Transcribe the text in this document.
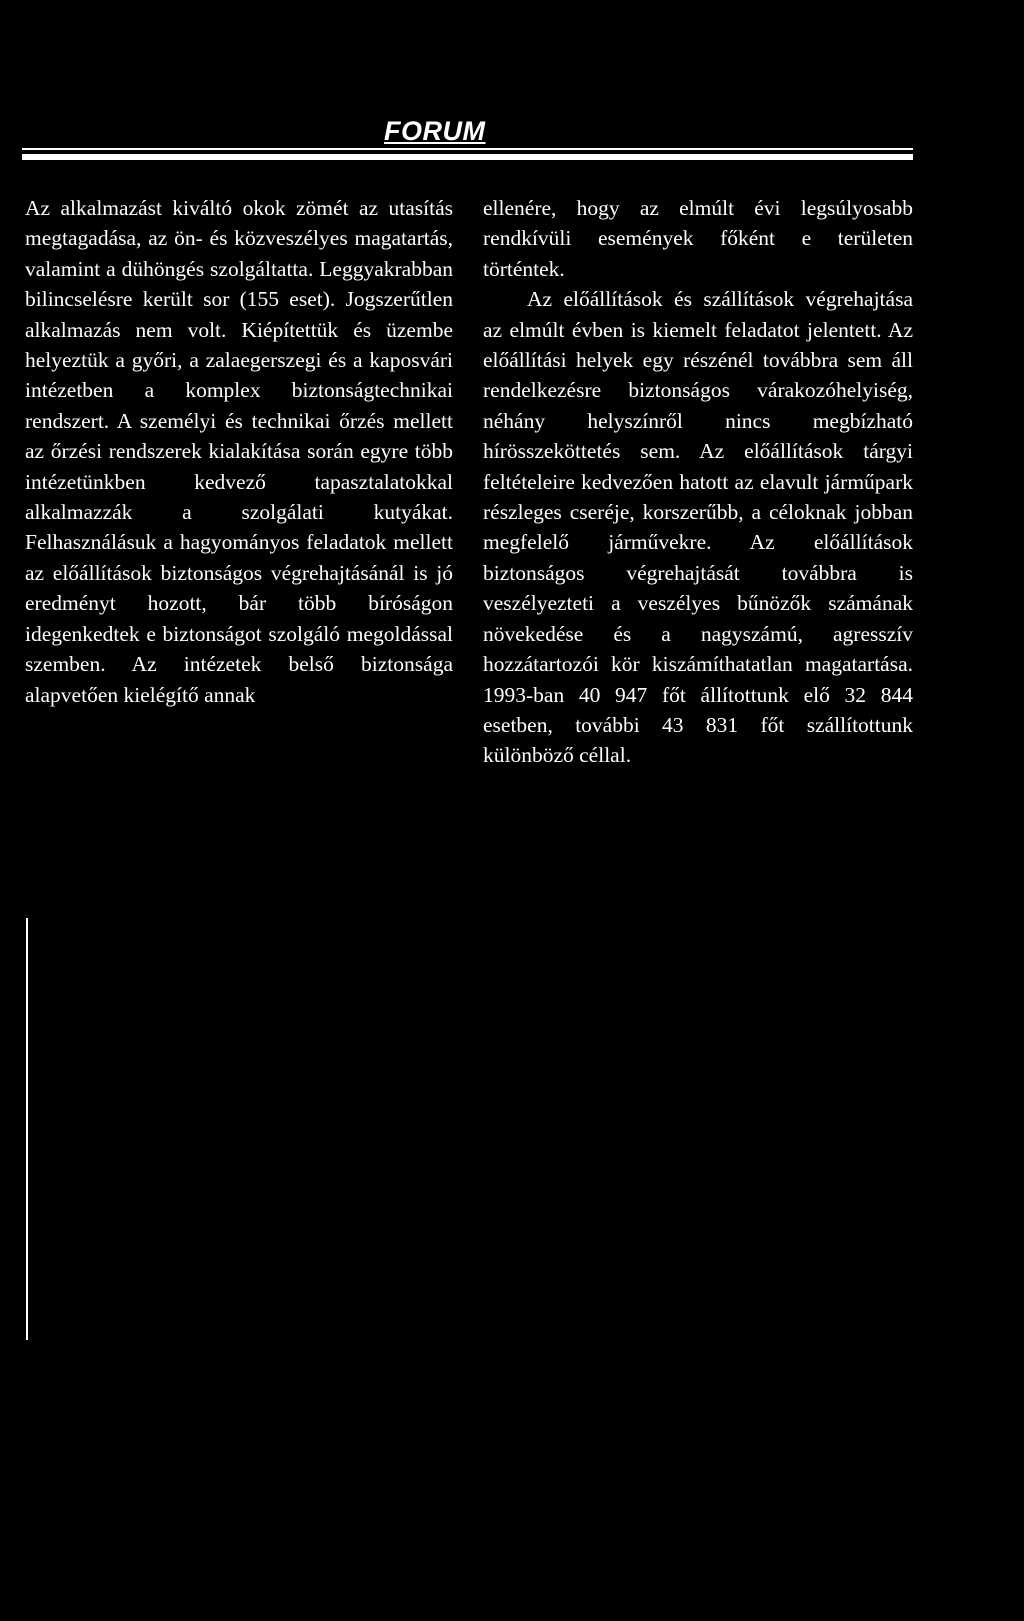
FORUM

Az alkalmazást kiváltó okok zömét az utasítás megtagadása, az ön- és közveszélyes magatartás, valamint a dühöngés szolgáltatta. Leggyakrabban bilincselésre került sor (155 eset). Jogszerűtlen alkalmazás nem volt. Kiépítettük és üzembe helyeztük a győri, a zalaegerszegi és a kaposvári intézetben a komplex biztonságtechnikai rendszert. A személyi és technikai őrzés mellett az őrzési rendszerek kialakítása során egyre több intézetünkben kedvező tapasztalatokkal alkalmazzák a szolgálati kutyákat. Felhasználásuk a hagyományos feladatok mellett az előállítások biztonságos végrehajtásánál is jó eredményt hozott, bár több bíróságon idegenkedtek e biztonságot szolgáló megoldással szemben. Az intézetek belső biztonsága alapvetően kielégítő annak

ellenére, hogy az elmúlt évi legsúlyosabb rendkívüli események főként e területen történtek.

Az előállítások és szállítások végrehajtása az elmúlt évben is kiemelt feladatot jelentett. Az előállítási helyek egy részénél továbbra sem áll rendelkezésre biztonságos várakozóhelyiség, néhány helyszínről nincs megbízható hírösszeköttetés sem. Az előállítások tárgyi feltételeire kedvezően hatott az elavult járműpark részleges cseréje, korszerűbb, a céloknak jobban megfelelő járművekre. Az előállítások biztonságos végrehajtását továbbra is veszélyezteti a veszélyes bűnözők számának növekedése és a nagyszámú, agresszív hozzátartozói kör kiszámíthatatlan magatartása. 1993-ban 40 947 főt állítottunk elő 32 844 esetben, további 43 831 főt szállítottunk különböző céllal.
